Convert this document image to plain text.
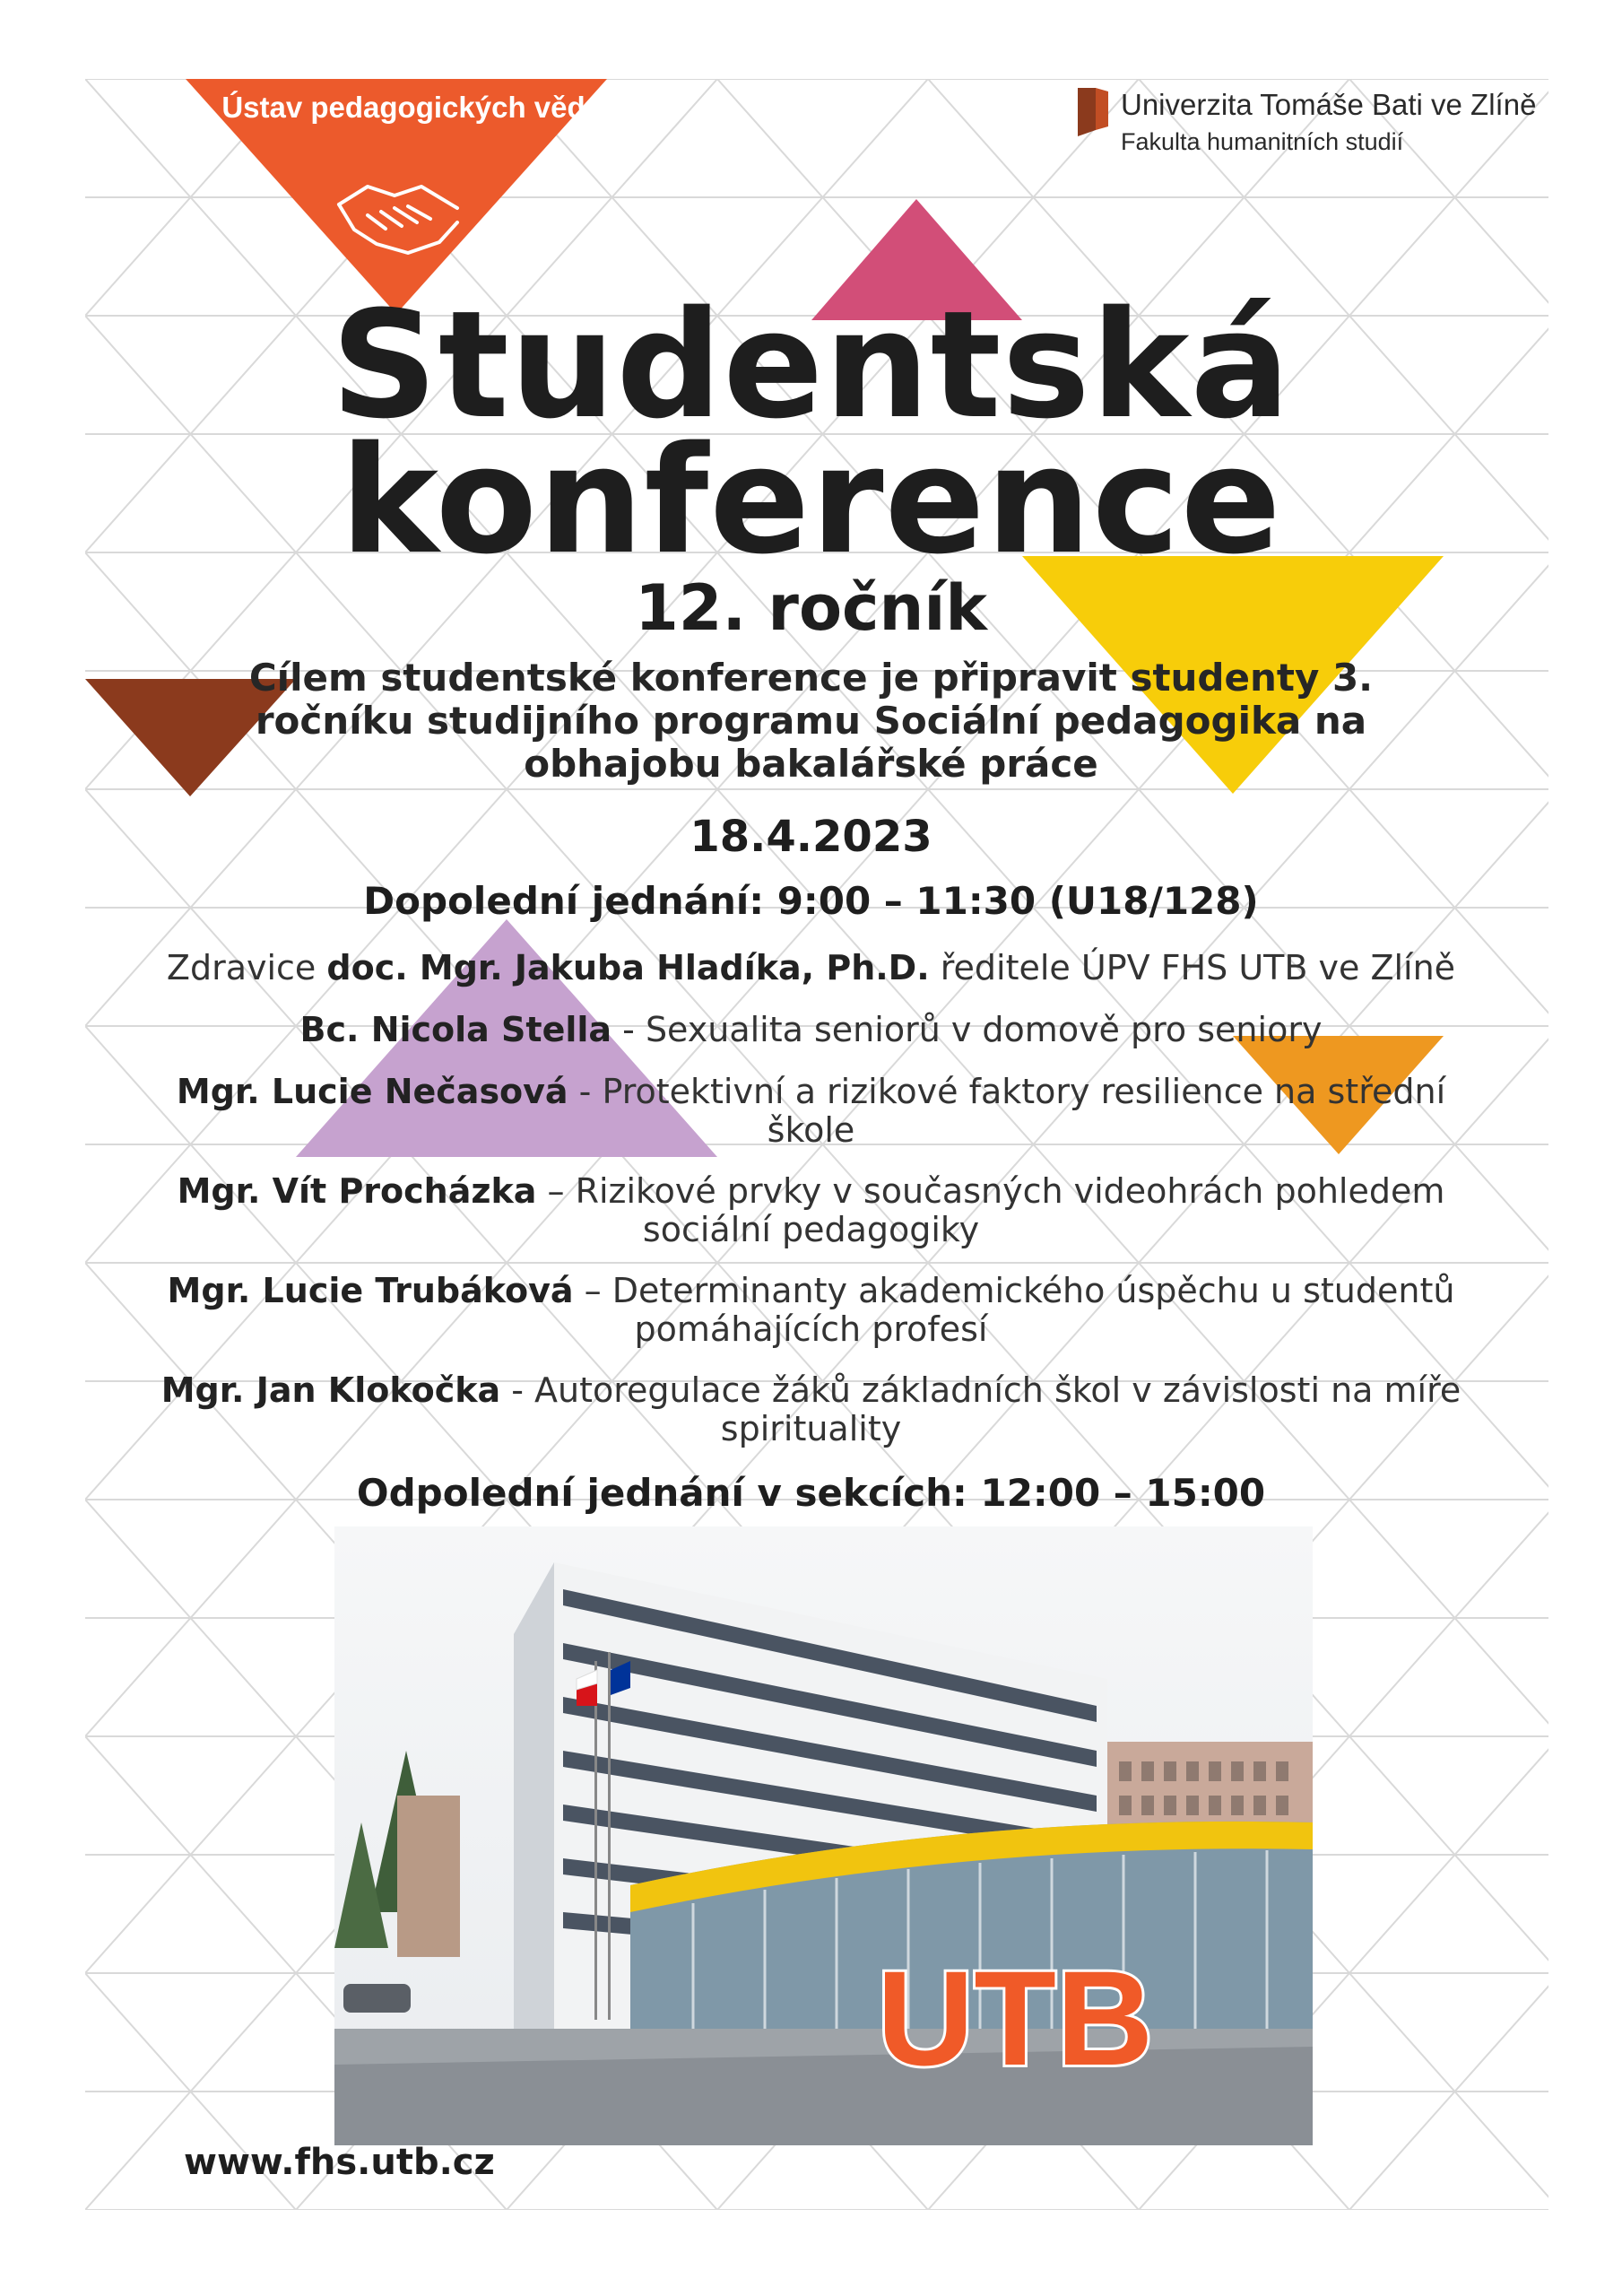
Ústav pedagogických věd	Univerzita Tomáše Bati ve Zlíně
Fakulta humanitních studií
Studentská
konference
12. ročník
Cílem studentské konference je připravit studenty 3.
ročníku studijního programu Sociální pedagogika na
obhajobu bakalářské práce
18.4.2023
Dopolední jednání: 9:00 – 11:30 (U18/128)
Zdravice doc. Mgr. Jakuba Hladíka, Ph.D. ředitele ÚPV FHS UTB ve Zlíně
Bc. Nicola Stella - Sexualita seniorů v domově pro seniory
Mgr. Lucie Nečasová - Protektivní a rizikové faktory resilience na střední
škole
Mgr. Vít Procházka – Rizikové prvky v současných videohrách pohledem
sociální pedagogiky
Mgr. Lucie Trubáková – Determinanty akademického úspěchu u studentů
pomáhajících profesí
Mgr. Jan Klokočka - Autoregulace žáků základních škol v závislosti na míře
spirituality
Odpolední jednání v sekcích: 12:00 – 15:00
UTB
www.fhs.utb.cz
